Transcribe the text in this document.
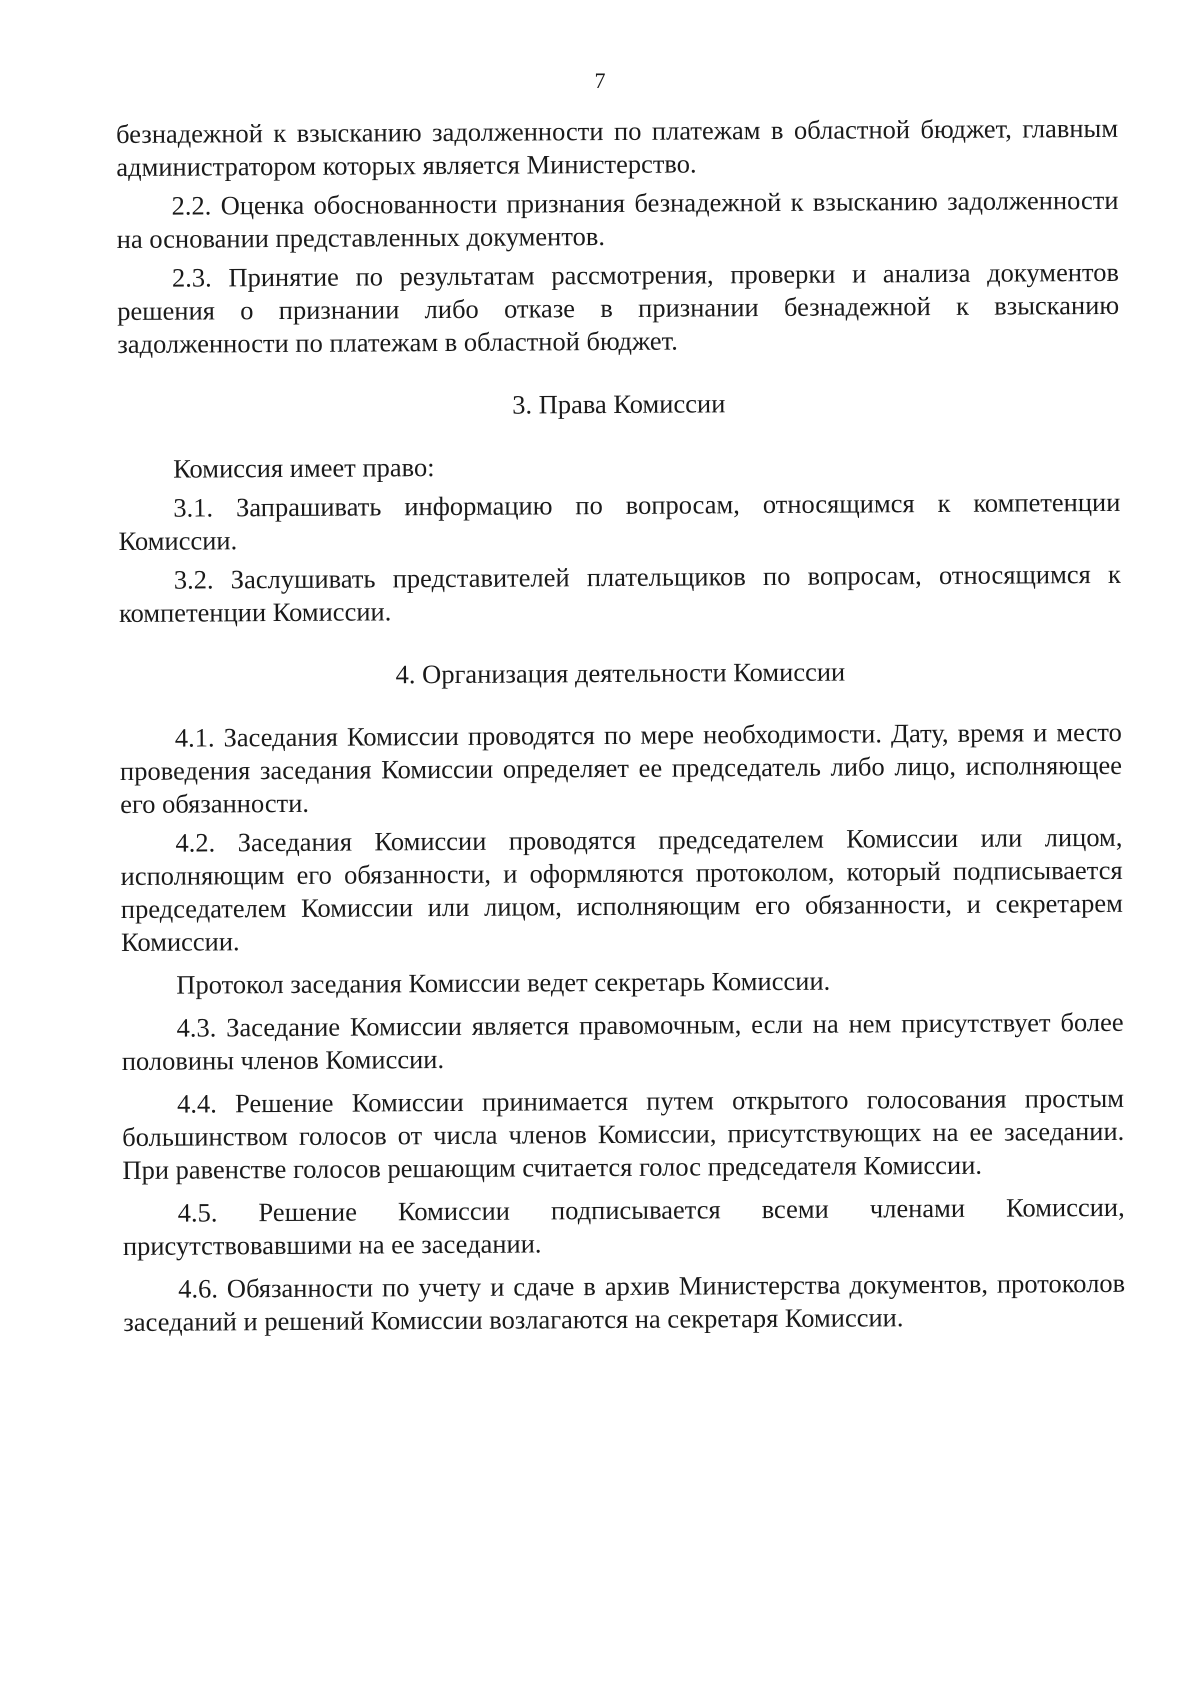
7

безнадежной к взысканию задолженности по платежам в областной бюджет, главным администратором которых является Министерство.

2.2. Оценка обоснованности признания безнадежной к взысканию задолженности на основании представленных документов.

2.3. Принятие по результатам рассмотрения, проверки и анализа документов решения о признании либо отказе в признании безнадежной к взысканию задолженности по платежам в областной бюджет.

3. Права Комиссии

Комиссия имеет право:

3.1. Запрашивать информацию по вопросам, относящимся к компетенции Комиссии.

3.2. Заслушивать представителей плательщиков по вопросам, относящимся к компетенции Комиссии.

4. Организация деятельности Комиссии

4.1. Заседания Комиссии проводятся по мере необходимости. Дату, время и место проведения заседания Комиссии определяет ее председатель либо лицо, исполняющее его обязанности.

4.2. Заседания Комиссии проводятся председателем Комиссии или лицом, исполняющим его обязанности, и оформляются протоколом, который подписывается председателем Комиссии или лицом, исполняющим его обязанности, и секретарем Комиссии.

Протокол заседания Комиссии ведет секретарь Комиссии.

4.3. Заседание Комиссии является правомочным, если на нем присутствует более половины членов Комиссии.

4.4. Решение Комиссии принимается путем открытого голосования простым большинством голосов от числа членов Комиссии, присутствующих на ее заседании. При равенстве голосов решающим считается голос председателя Комиссии.

4.5. Решение Комиссии подписывается всеми членами Комиссии, присутствовавшими на ее заседании.

4.6. Обязанности по учету и сдаче в архив Министерства документов, протоколов заседаний и решений Комиссии возлагаются на секретаря Комиссии.
